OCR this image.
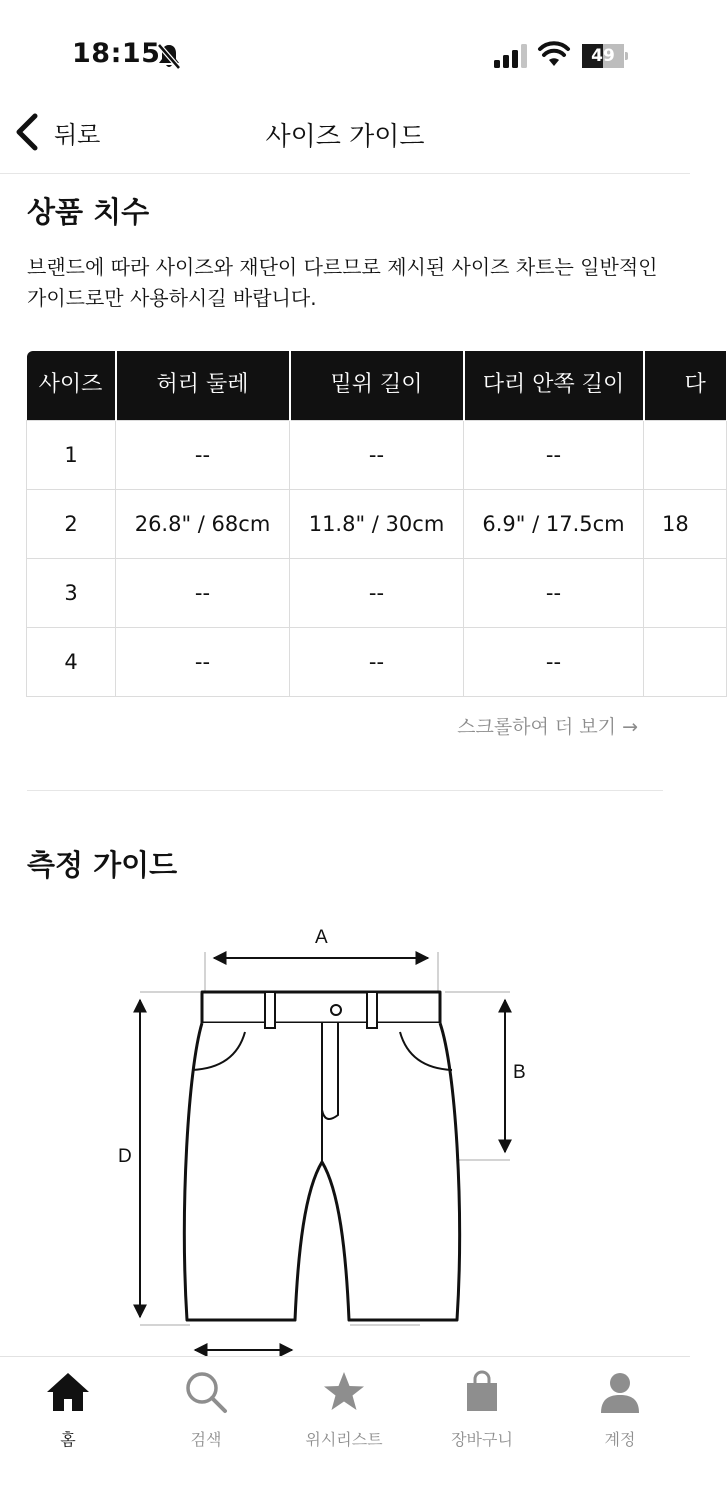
18:15	49
뒤로	사이즈 가이드
상품 치수

브랜드에 따라 사이즈와 재단이 다르므로 제시된 사이즈 차트는 일반적인 가이드로만 사용하시길 바랍니다.

사이즈	허리 둘레	밑위 길이	다리 안쪽 길이	다
1	--	--	--	
2	26.8" / 68cm	11.8" / 30cm	6.9" / 17.5cm	18
3	--	--	--	
4	--	--	--	
스크롤하여 더 보기 →
측정 가이드
A
B
D
홈	검색	위시리스트	장바구니	계정
